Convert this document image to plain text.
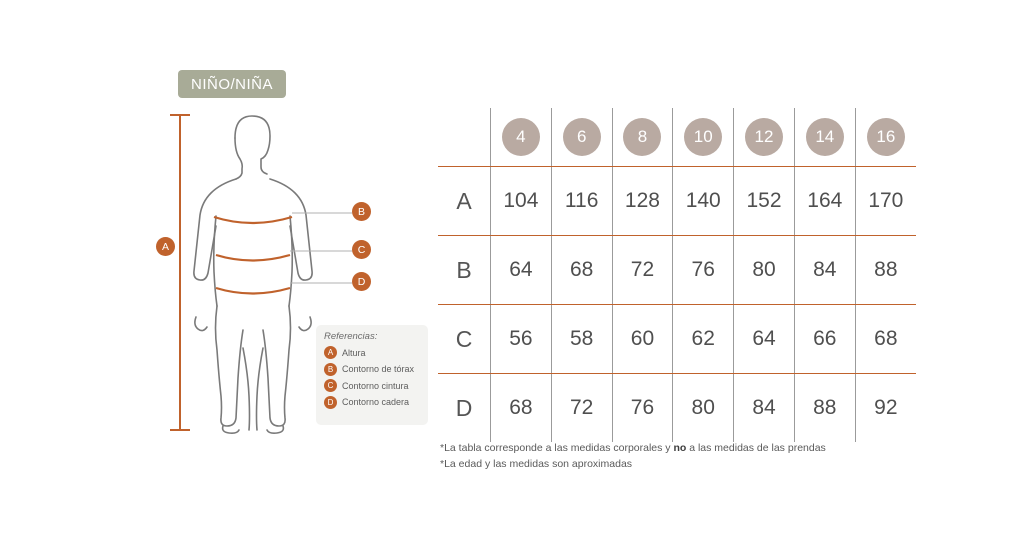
NIÑO/NIÑA
A
B
C
D
Referencias:
A Altura
B Contorno de tórax
C Contorno cintura
D Contorno cadera
	4	6	8	10	12	14	16
A	104	116	128	140	152	164	170
B	64	68	72	76	80	84	88
C	56	58	60	62	64	66	68
D	68	72	76	80	84	88	92
*La tabla corresponde a las medidas corporales y no a las medidas de las prendas
*La edad y las medidas son aproximadas
